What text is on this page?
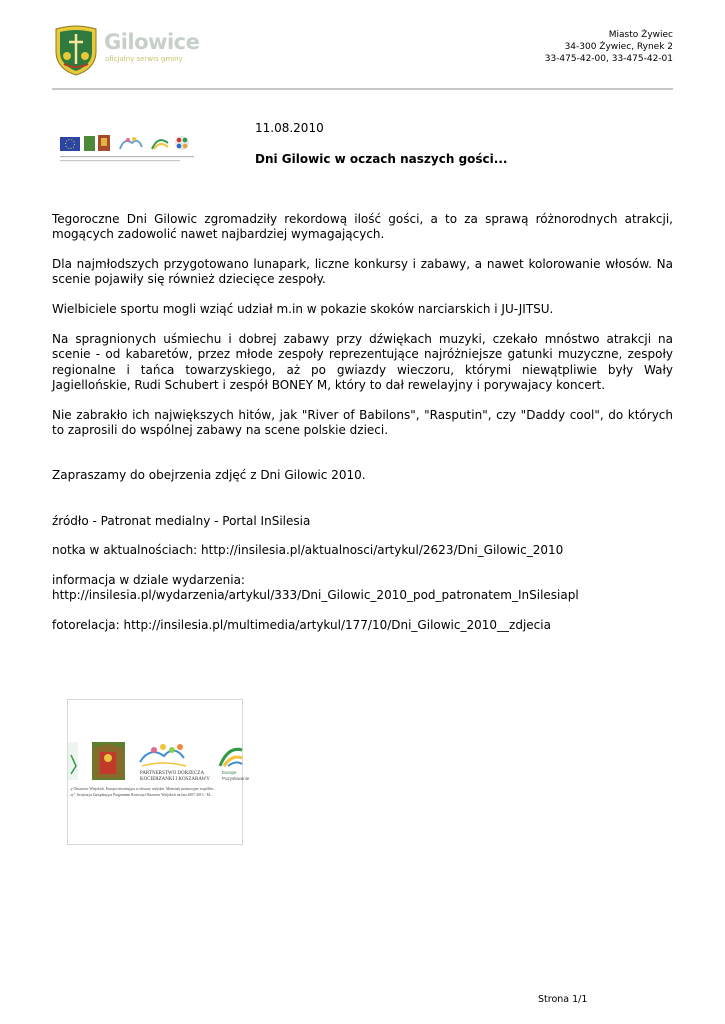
Gilowice
oficjalny serwis gminy
Miasto Żywiec
34-300 Żywiec, Rynek 2
33-475-42-00, 33-475-42-01
11.08.2010
Dni Gilowic w oczach naszych gości...

Tegoroczne Dni Gilowic zgromadziły rekordową ilość gości, a to za sprawą różnorodnych atrakcji, mogących zadowolić nawet najbardziej wymagających.

Dla najmłodszych przygotowano lunapark, liczne konkursy i zabawy, a nawet kolorowanie włosów. Na scenie pojawiły się również dziecięce zespoły.

Wielbiciele sportu mogli wziąć udział m.in w pokazie skoków narciarskich i JU-JITSU.

Na spragnionych uśmiechu i dobrej zabawy przy dźwiękach muzyki, czekało mnóstwo atrakcji na scenie - od kabaretów, przez młode zespoły reprezentujące najróżniejsze gatunki muzyczne, zespoły regionalne i tańca towarzyskiego, aż po gwiazdy wieczoru, którymi niewątpliwie były Wały Jagiellońskie, Rudi Schubert i zespół BONEY M, który to dał rewelayjny i porywajacy koncert.

Nie zabrakło ich największych hitów, jak "River of Babilons", "Rasputin", czy "Daddy cool", do których to zaprosili do wspólnej zabawy na scene polskie dzieci.

Zapraszamy do obejrzenia zdjęć z Dni Gilowic 2010.

źródło - Patronat medialny - Portal InSilesia

notka w aktualnościach: http://insilesia.pl/aktualnosci/artykul/2623/Dni_Gilowic_2010

informacja w dziale wydarzenia: http://insilesia.pl/wydarzenia/artykul/333/Dni_Gilowic_2010_pod_patronatem_InSilesiapl

fotorelacja: http://insilesia.pl/multimedia/artykul/177/10/Dni_Gilowic_2010__zdjecia

PARTNERSTWO DORZECZA
KOCIERZANKI I KOSZARAWY
Europe
Pozyskiwanie
...y Obszarów Wiejskich. Europa inwestująca w obszary wiejskie. Materiały promocyjne współfin...
...ry". Instytucja Zarządzająca Programem Rozwoju Obszarów Wiejskich na lata 2007-2013 - M...
Strona 1/1
